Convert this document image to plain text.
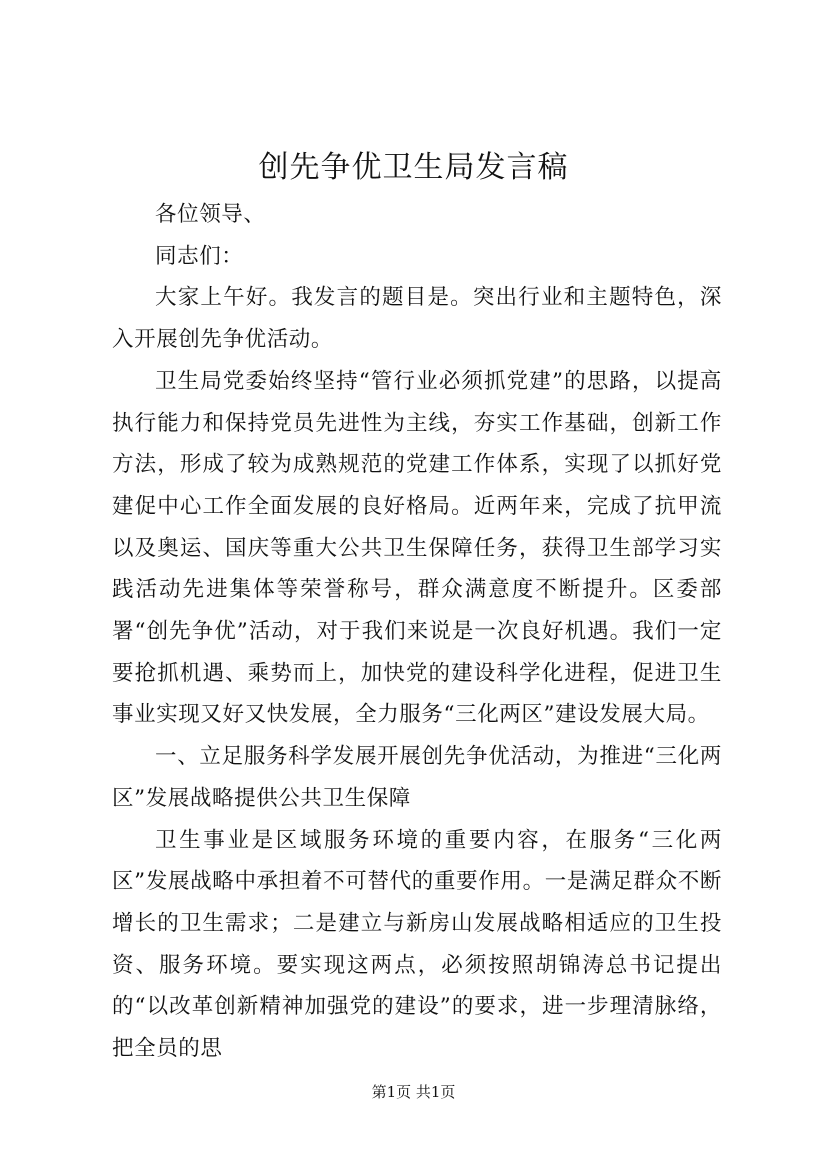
创先争优卫生局发言稿

各位领导、

同志们：

大家上午好。我发言的题目是。突出行业和主题特色，深入开展创先争优活动。

卫生局党委始终坚持“管行业必须抓党建”的思路，以提高执行能力和保持党员先进性为主线，夯实工作基础，创新工作方法，形成了较为成熟规范的党建工作体系，实现了以抓好党建促中心工作全面发展的良好格局。近两年来，完成了抗甲流以及奥运、国庆等重大公共卫生保障任务，获得卫生部学习实践活动先进集体等荣誉称号，群众满意度不断提升。区委部署“创先争优”活动，对于我们来说是一次良好机遇。我们一定要抢抓机遇、乘势而上，加快党的建设科学化进程，促进卫生事业实现又好又快发展，全力服务“三化两区”建设发展大局。

一、立足服务科学发展开展创先争优活动，为推进“三化两区”发展战略提供公共卫生保障

卫生事业是区域服务环境的重要内容，在服务“三化两区”发展战略中承担着不可替代的重要作用。一是满足群众不断增长的卫生需求；二是建立与新房山发展战略相适应的卫生投资、服务环境。要实现这两点，必须按照胡锦涛总书记提出的“以改革创新精神加强党的建设”的要求，进一步理清脉络，把全员的思

第1页 共1页
